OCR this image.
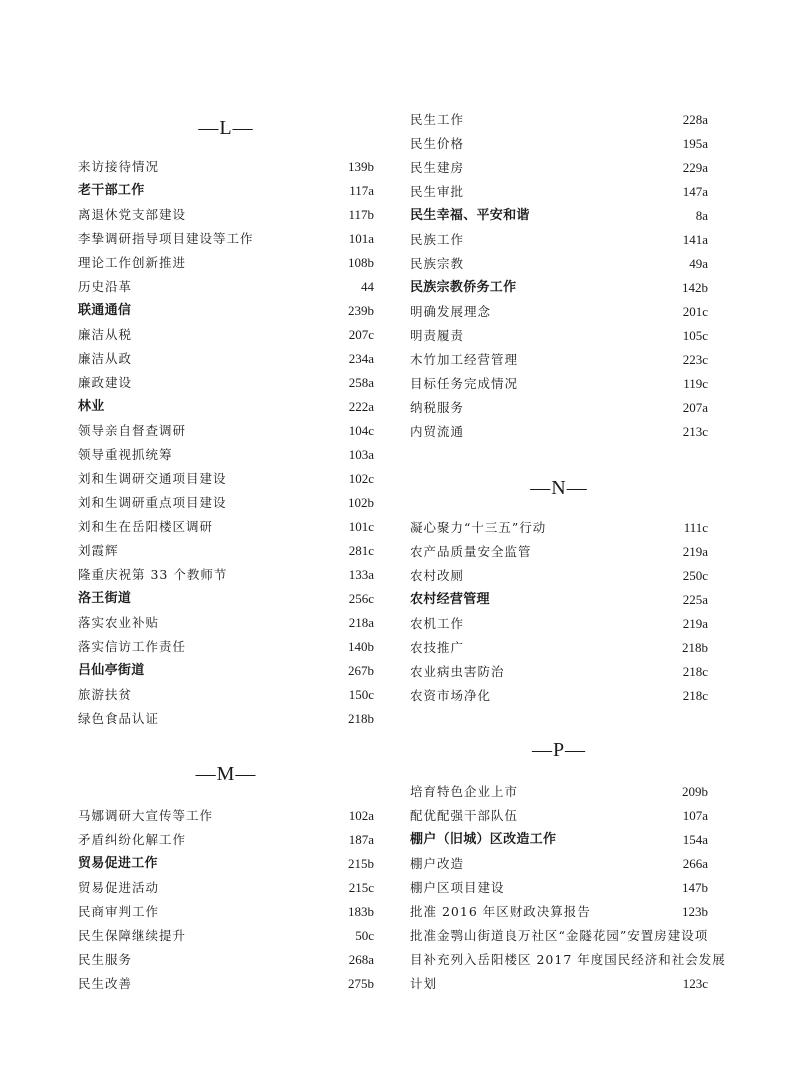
—L—
来访接待情况	139b
老干部工作	117a
离退休党支部建设	117b
李挚调研指导项目建设等工作	101a
理论工作创新推进	108b
历史沿革	44
联通通信	239b
廉洁从税	207c
廉洁从政	234a
廉政建设	258a
林业	222a
领导亲自督查调研	104c
领导重视抓统筹	103a
刘和生调研交通项目建设	102c
刘和生调研重点项目建设	102b
刘和生在岳阳楼区调研	101c
刘霞辉	281c
隆重庆祝第 33 个教师节	133a
洛王街道	256c
落实农业补贴	218a
落实信访工作责任	140b
吕仙亭街道	267b
旅游扶贫	150c
绿色食品认证	218b
—M—
马娜调研大宣传等工作	102a
矛盾纠纷化解工作	187a
贸易促进工作	215b
贸易促进活动	215c
民商审判工作	183b
民生保障继续提升	50c
民生服务	268a
民生改善	275b
民生工作	228a
民生价格	195a
民生建房	229a
民生审批	147a
民生幸福、平安和谐	8a
民族工作	141a
民族宗教	49a
民族宗教侨务工作	142b
明确发展理念	201c
明责履责	105c
木竹加工经营管理	223c
目标任务完成情况	119c
纳税服务	207a
内贸流通	213c
—N—
凝心聚力“十三五”行动	111c
农产品质量安全监管	219a
农村改厕	250c
农村经营管理	225a
农机工作	219a
农技推广	218b
农业病虫害防治	218c
农资市场净化	218c
—P—
培育特色企业上市	209b
配优配强干部队伍	107a
棚户（旧城）区改造工作	154a
棚户改造	266a
棚户区项目建设	147b
批准 2016 年区财政决算报告	123b
批准金鹗山街道良万社区“金隧花园”安置房建设项
目补充列入岳阳楼区 2017 年度国民经济和社会发展
计划	123c
